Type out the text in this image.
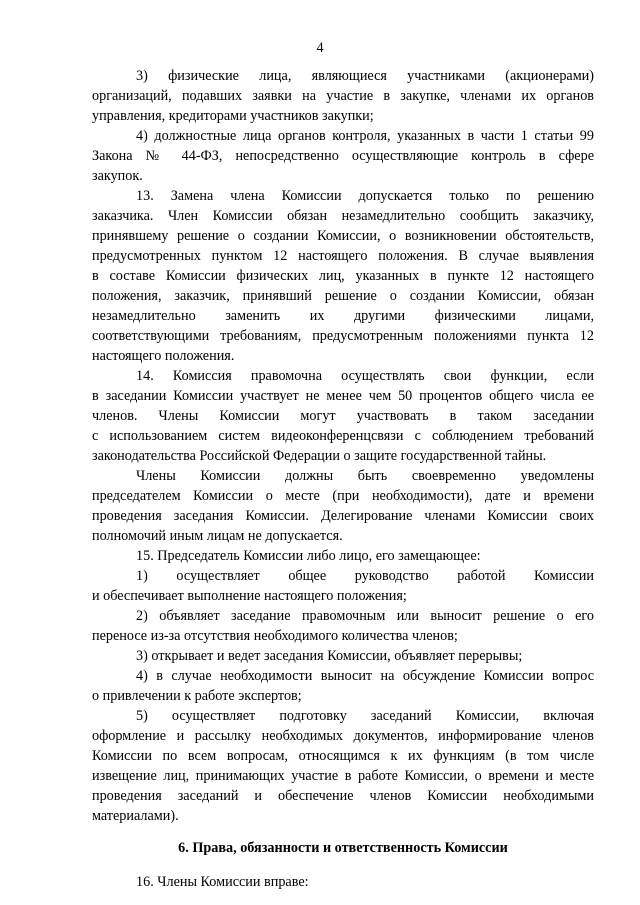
4
3) физические лица, являющиеся участниками (акционерами)
организаций, подавших заявки на участие в закупке, членами их органов
управления, кредиторами участников закупки;
4) должностные лица органов контроля, указанных в части 1 статьи 99
Закона № 44-ФЗ, непосредственно осуществляющие контроль в сфере
закупок.
13. Замена члена Комиссии допускается только по решению
заказчика. Член Комиссии обязан незамедлительно сообщить заказчику,
принявшему решение о создании Комиссии, о возникновении обстоятельств,
предусмотренных пунктом 12 настоящего положения. В случае выявления
в составе Комиссии физических лиц, указанных в пункте 12 настоящего
положения, заказчик, принявший решение о создании Комиссии, обязан
незамедлительно заменить их другими физическими лицами,
соответствующими требованиям, предусмотренным положениями пункта 12
настоящего положения.
14. Комиссия правомочна осуществлять свои функции, если
в заседании Комиссии участвует не менее чем 50 процентов общего числа ее
членов. Члены Комиссии могут участвовать в таком заседании
с использованием систем видеоконференцсвязи с соблюдением требований
законодательства Российской Федерации о защите государственной тайны.
Члены Комиссии должны быть своевременно уведомлены
председателем Комиссии о месте (при необходимости), дате и времени
проведения заседания Комиссии. Делегирование членами Комиссии своих
полномочий иным лицам не допускается.
15. Председатель Комиссии либо лицо, его замещающее:
1) осуществляет общее руководство работой Комиссии
и обеспечивает выполнение настоящего положения;
2) объявляет заседание правомочным или выносит решение о его
переносе из-за отсутствия необходимого количества членов;
3) открывает и ведет заседания Комиссии, объявляет перерывы;
4) в случае необходимости выносит на обсуждение Комиссии вопрос
о привлечении к работе экспертов;
5) осуществляет подготовку заседаний Комиссии, включая
оформление и рассылку необходимых документов, информирование членов
Комиссии по всем вопросам, относящимся к их функциям (в том числе
извещение лиц, принимающих участие в работе Комиссии, о времени и месте
проведения заседаний и обеспечение членов Комиссии необходимыми
материалами).
6. Права, обязанности и ответственность Комиссии
16. Члены Комиссии вправе:
